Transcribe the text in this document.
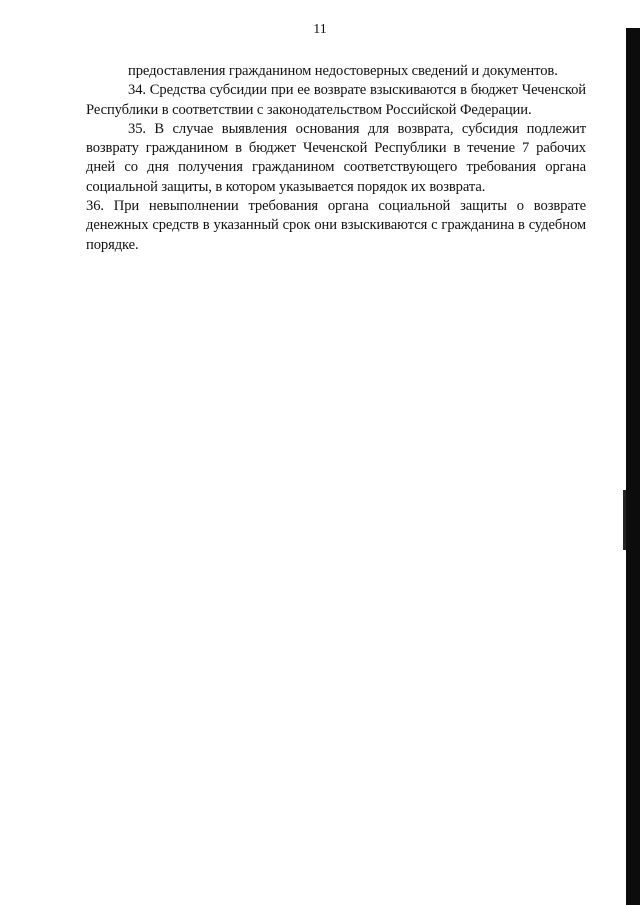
11

предоставления гражданином недостоверных сведений и документов.

34. Средства субсидии при ее возврате взыскиваются в бюджет Чеченской Республики в соответствии с законодательством Российской Федерации.

35. В случае выявления основания для возврата, субсидия подлежит возврату гражданином в бюджет Чеченской Республики в течение 7 рабочих дней со дня получения гражданином соответствующего требования органа социальной защиты, в котором указывается порядок их возврата.

36. При невыполнении требования органа социальной защиты о возврате денежных средств в указанный срок они взыскиваются с гражданина в судебном порядке.
